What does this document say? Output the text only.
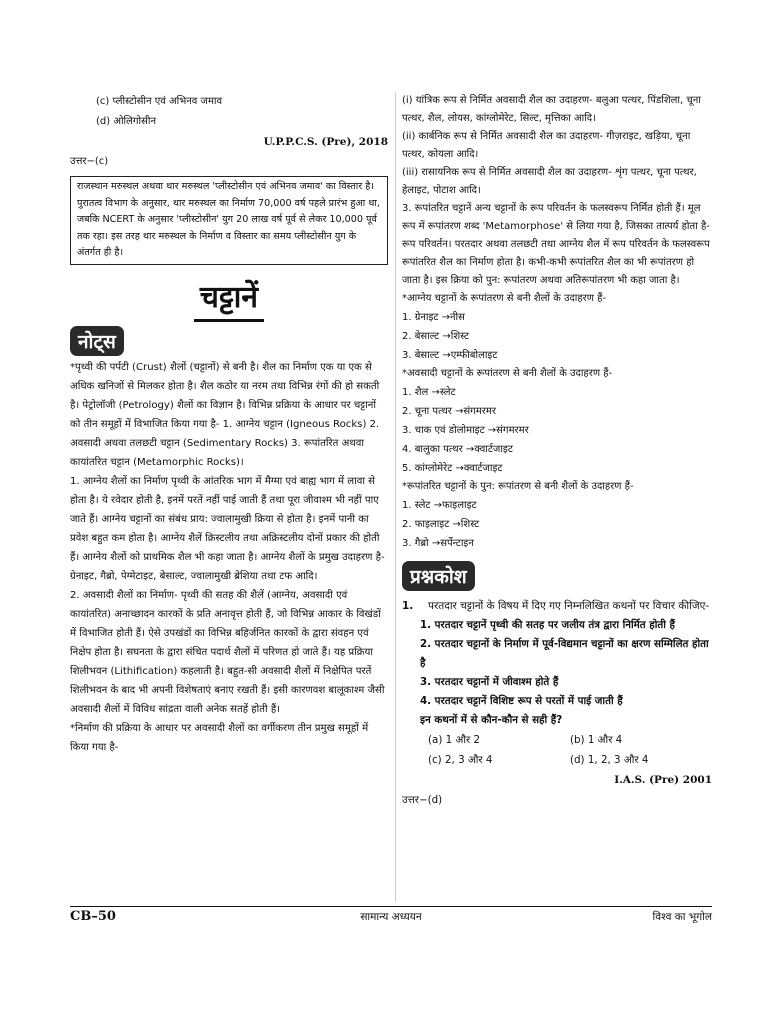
(c) प्लीस्टोसीन एवं अभिनव जमाव
(d) ओलिगोसीन
U.P.P.C.S. (Pre), 2018
उत्तर−(c)
राजस्थान मरुस्थल अथवा थार मरुस्थल 'प्लीस्टोसीन एवं अभिनव जमाव' का विस्तार है। पुरातत्व विभाग के अनुसार, थार मरुस्थल का निर्माण 70,000 वर्ष पहले प्रारंभ हुआ था, जबकि NCERT के अनुसार 'प्लीस्टोसीन' युग 20 लाख वर्ष पूर्व से लेकर 10,000 पूर्व तक रहा। इस तरह थार मरुस्थल के निर्माण व विस्तार का समय प्लीस्टोसीन युग के अंतर्गत ही है।
चट्टानें
नोट्स

*पृथ्वी की पर्पटी (Crust) शैलों (चट्टानों) से बनी है। शैल का निर्माण एक या एक से अधिक खनिजों से मिलकर होता है। शैल कठोर या नरम तथा विभिन्न रंगों की हो सकती है। पेट्रोलॉजी (Petrology) शैलों का विज्ञान है। विभिन्न प्रक्रिया के आधार पर चट्टानों को तीन समूहों में विभाजित किया गया है- 1. आग्नेय चट्टान (Igneous Rocks) 2. अवसादी अथवा तलछटी चट्टान (Sedimentary Rocks) 3. रूपांतरित अथवा कायांतरित चट्टान (Metamorphic Rocks)।

1. आग्नेय शैलों का निर्माण पृथ्वी के आंतरिक भाग में मैग्मा एवं बाह्य भाग में लावा से होता है। ये रवेदार होती है, इनमें परतें नहीं पाई जाती हैं तथा पूरा जीवाश्म भी नहीं पाए जाते हैं। आग्नेय चट्टानों का संबंध प्राय: ज्वालामुखी क्रिया से होता है। इनमें पानी का प्रवेश बहुत कम होता है। आग्नेय शैलें क्रिस्टलीय तथा अक्रिस्टलीय दोनों प्रकार की होती हैं। आग्नेय शैलों को प्राथमिक शैल भी कहा जाता है। आग्नेय शैलों के प्रमुख उदाहरण है- ग्रेनाइट, गैब्रो, पेग्मेटाइट, बेसाल्ट, ज्वालामुखी ब्रेशिया तथा टफ आदि।

2. अवसादी शैलों का निर्माण- पृथ्वी की सतह की शैलें (आग्नेय, अवसादी एवं कायांतरित) अनाच्छादन कारकों के प्रति अनावृत्त होती हैं, जो विभिन्न आकार के विखंडों में विभाजित होती हैं। ऐसे उपखंडों का विभिन्न बहिर्जनित कारकों के द्वारा संवहन एवं निक्षेप होता है। सघनता के द्वारा संचित पदार्थ शैलों में परिणत हो जाते हैं। यह प्रक्रिया शिलीभवन (Lithification) कहलाती है। बहुत-सी अवसादी शैलों में निक्षेपित परतें शिलीभवन के बाद भी अपनी विशेषताएं बनाए रखती हैं। इसी कारणवश बालूकाश्म जैसी अवसादी शैलों में विविध सांद्रता वाली अनेक सतहें होती हैं।

*निर्माण की प्रक्रिया के आधार पर अवसादी शैलों का वर्गीकरण तीन प्रमुख समूहों में किया गया है-

(i) यांत्रिक रूप से निर्मित अवसादी शैल का उदाहरण- बलुआ पत्थर, पिंडशिला, चूना पत्थर, शैल, लोयस, कांग्लोमेरेट, सिल्ट, मृत्तिका आदि।

(ii) कार्बनिक रूप से निर्मित अवसादी शैल का उदाहरण- गीज़राइट, खड़िया, चूना पत्थर, कोयला आदि।

(iii) रासायनिक रूप से निर्मित अवसादी शैल का उदाहरण- शृंग पत्थर, चूना पत्थर, हेलाइट, पोटाश आदि।

3. रूपांतरित चट्टानें अन्य चट्टानों के रूप परिवर्तन के फलस्वरूप निर्मित होती हैं। मूल रूप में रूपांतरण शब्द 'Metamorphose' से लिया गया है, जिसका तात्पर्य होता है- रूप परिवर्तन। परतदार अथवा तलछटी तथा आग्नेय शैल में रूप परिवर्तन के फलस्वरूप रूपांतरित शैल का निर्माण होता है। कभी-कभी रूपांतरित शैल का भी रूपांतरण हो जाता है। इस क्रिया को पुन: रूपांतरण अथवा अतिरूपांतरण भी कहा जाता है।

*आग्नेय चट्टानों के रूपांतरण से बनी शैलों के उदाहरण हैं-

1. ग्रेनाइट →नीस
2. बेसाल्ट →शिस्ट
3. बेसाल्ट →एम्फीबोलाइट

*अवसादी चट्टानों के रूपांतरण से बनी शैलों के उदाहरण हैं-

1. शैल →स्लेट
2. चूना पत्थर →संगमरमर
3. चाक एवं डोलोमाइट →संगमरमर
4. बालुका पत्थर →क्वार्टजाइट
5. कांग्लोमेरेट →क्वार्टजाइट

*रूपांतरित चट्टानों के पुन: रूपांतरण से बनी शैलों के उदाहरण हैं-

1. स्लेट →फाइलाइट
2. फाइलाइट →शिस्ट
3. गैब्रो →सर्पेन्टाइन
प्रश्नकोश
1.	परतदार चट्टानों के विषय में दिए गए निम्नलिखित कथनों पर विचार कीजिए-
1. परतदार चट्टानें पृथ्वी की सतह पर जलीय तंत्र द्वारा निर्मित होती हैं
2. परतदार चट्टानों के निर्माण में पूर्व-विद्यमान चट्टानों का क्षरण सम्मिलित होता है
3. परतदार चट्टानों में जीवाश्म होते हैं
4. परतदार चट्टानें विशिष्ट रूप से परतों में पाई जाती हैं
इन कथनों में से कौन-कौन से सही हैं?
(a) 1 और 2	(b) 1 और 4
(c) 2, 3 और 4	(d) 1, 2, 3 और 4
I.A.S. (Pre) 2001
उत्तर−(d)
CB–50	सामान्य अध्ययन	विश्व का भूगोल
